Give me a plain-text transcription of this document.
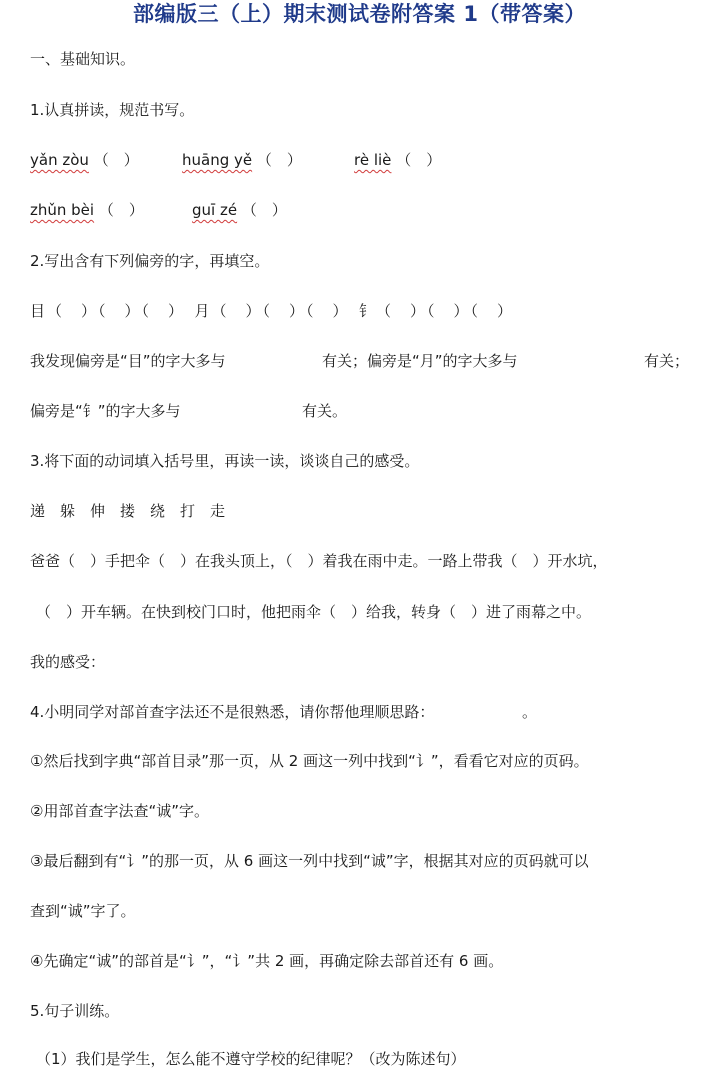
部编版三（上）期末测试卷附答案 1（带答案）
一、基础知识。
1.认真拼读，规范书写。
yǎn zòu （　）	huāng yě （　）	rè liè （　）
zhǔn bèi （　）	guī zé （　）
2.写出含有下列偏旁的字，再填空。
目（　）（　）（　）　月（　）（　）（　）　钅（　）（　）（　）
我发现偏旁是“目”的字大多与	有关；偏旁是“月”的字大多与	有关；
偏旁是“钅”的字大多与	有关。
3.将下面的动词填入括号里，再读一读，谈谈自己的感受。
递 躲 伸 搂 绕 打 走
爸爸（　）手把伞（　）在我头顶上，（　）着我在雨中走。一路上带我（　）开水坑，
（　）开车辆。在快到校门口时，他把雨伞（　）给我，转身（　）进了雨幕之中。
我的感受：
4.小明同学对部首查字法还不是很熟悉，请你帮他理顺思路：	。
①然后找到字典“部首目录”那一页，从 2 画这一列中找到“讠”，看看它对应的页码。
②用部首查字法查“诚”字。
③最后翻到有“讠”的那一页，从 6 画这一列中找到“诚”字，根据其对应的页码就可以
查到“诚”字了。
④先确定“诚”的部首是“讠”，“讠”共 2 画，再确定除去部首还有 6 画。
5.句子训练。
（1）我们是学生，怎么能不遵守学校的纪律呢？（改为陈述句）
